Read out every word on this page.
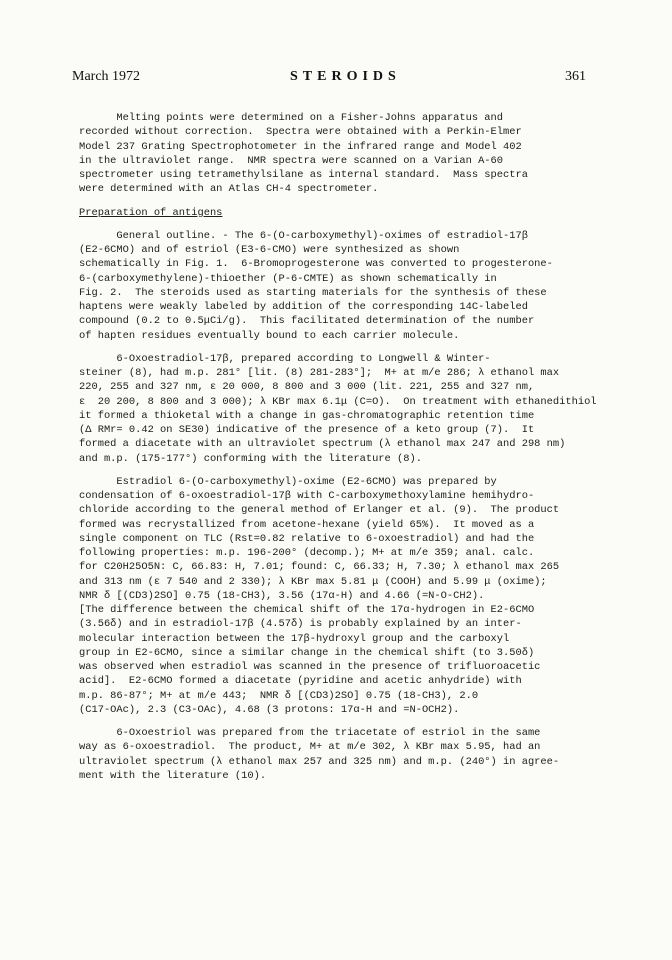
March 1972	STEROIDS	361
Melting points were determined on a Fisher-Johns apparatus and
recorded without correction.  Spectra were obtained with a Perkin-Elmer
Model 237 Grating Spectrophotometer in the infrared range and Model 402
in the ultraviolet range.  NMR spectra were scanned on a Varian A-60
spectrometer using tetramethylsilane as internal standard.  Mass spectra
were determined with an Atlas CH-4 spectrometer.
Preparation of antigens
General outline. - The 6-(O-carboxymethyl)-oximes of estradiol-17β
(E2-6CMO) and of estriol (E3-6-CMO) were synthesized as shown
schematically in Fig. 1.  6-Bromoprogesterone was converted to progesterone-
6-(carboxymethylene)-thioether (P-6-CMTE) as shown schematically in
Fig. 2.  The steroids used as starting materials for the synthesis of these
haptens were weakly labeled by addition of the corresponding 14C-labeled
compound (0.2 to 0.5μCi/g).  This facilitated determination of the number
of hapten residues eventually bound to each carrier molecule.
6-Oxoestradiol-17β, prepared according to Longwell & Winter-
steiner (8), had m.p. 281° [lit. (8) 281-283°];  M+ at m/e 286; λ ethanol max
220, 255 and 327 nm, ε 20 000, 8 800 and 3 000 (lit. 221, 255 and 327 nm,
ε  20 200, 8 800 and 3 000); λ KBr max 6.1μ (C=O).  On treatment with ethanedithiol
it formed a thioketal with a change in gas-chromatographic retention time
(Δ RMr= 0.42 on SE30) indicative of the presence of a keto group (7).  It
formed a diacetate with an ultraviolet spectrum (λ ethanol max 247 and 298 nm)
and m.p. (175-177°) conforming with the literature (8).
Estradiol 6-(O-carboxymethyl)-oxime (E2-6CMO) was prepared by
condensation of 6-oxoestradiol-17β with C-carboxymethoxylamine hemihydro-
chloride according to the general method of Erlanger et al. (9).  The product
formed was recrystallized from acetone-hexane (yield 65%).  It moved as a
single component on TLC (Rst=0.82 relative to 6-oxoestradiol) and had the
following properties: m.p. 196-200° (decomp.); M+ at m/e 359; anal. calc.
for C20H25O5N: C, 66.83: H, 7.01; found: C, 66.33; H, 7.30; λ ethanol max 265
and 313 nm (ε 7 540 and 2 330); λ KBr max 5.81 μ (COOH) and 5.99 μ (oxime);
NMR δ [(CD3)2SO] 0.75 (18-CH3), 3.56 (17α-H) and 4.66 (=N-O-CH2).
[The difference between the chemical shift of the 17α-hydrogen in E2-6CMO
(3.56δ) and in estradiol-17β (4.57δ) is probably explained by an inter-
molecular interaction between the 17β-hydroxyl group and the carboxyl
group in E2-6CMO, since a similar change in the chemical shift (to 3.50δ)
was observed when estradiol was scanned in the presence of trifluoroacetic
acid].  E2-6CMO formed a diacetate (pyridine and acetic anhydride) with
m.p. 86-87°; M+ at m/e 443;  NMR δ [(CD3)2SO] 0.75 (18-CH3), 2.0
(C17-OAc), 2.3 (C3-OAc), 4.68 (3 protons: 17α-H and =N-OCH2).
6-Oxoestriol was prepared from the triacetate of estriol in the same
way as 6-oxoestradiol.  The product, M+ at m/e 302, λ KBr max 5.95, had an
ultraviolet spectrum (λ ethanol max 257 and 325 nm) and m.p. (240°) in agree-
ment with the literature (10).
